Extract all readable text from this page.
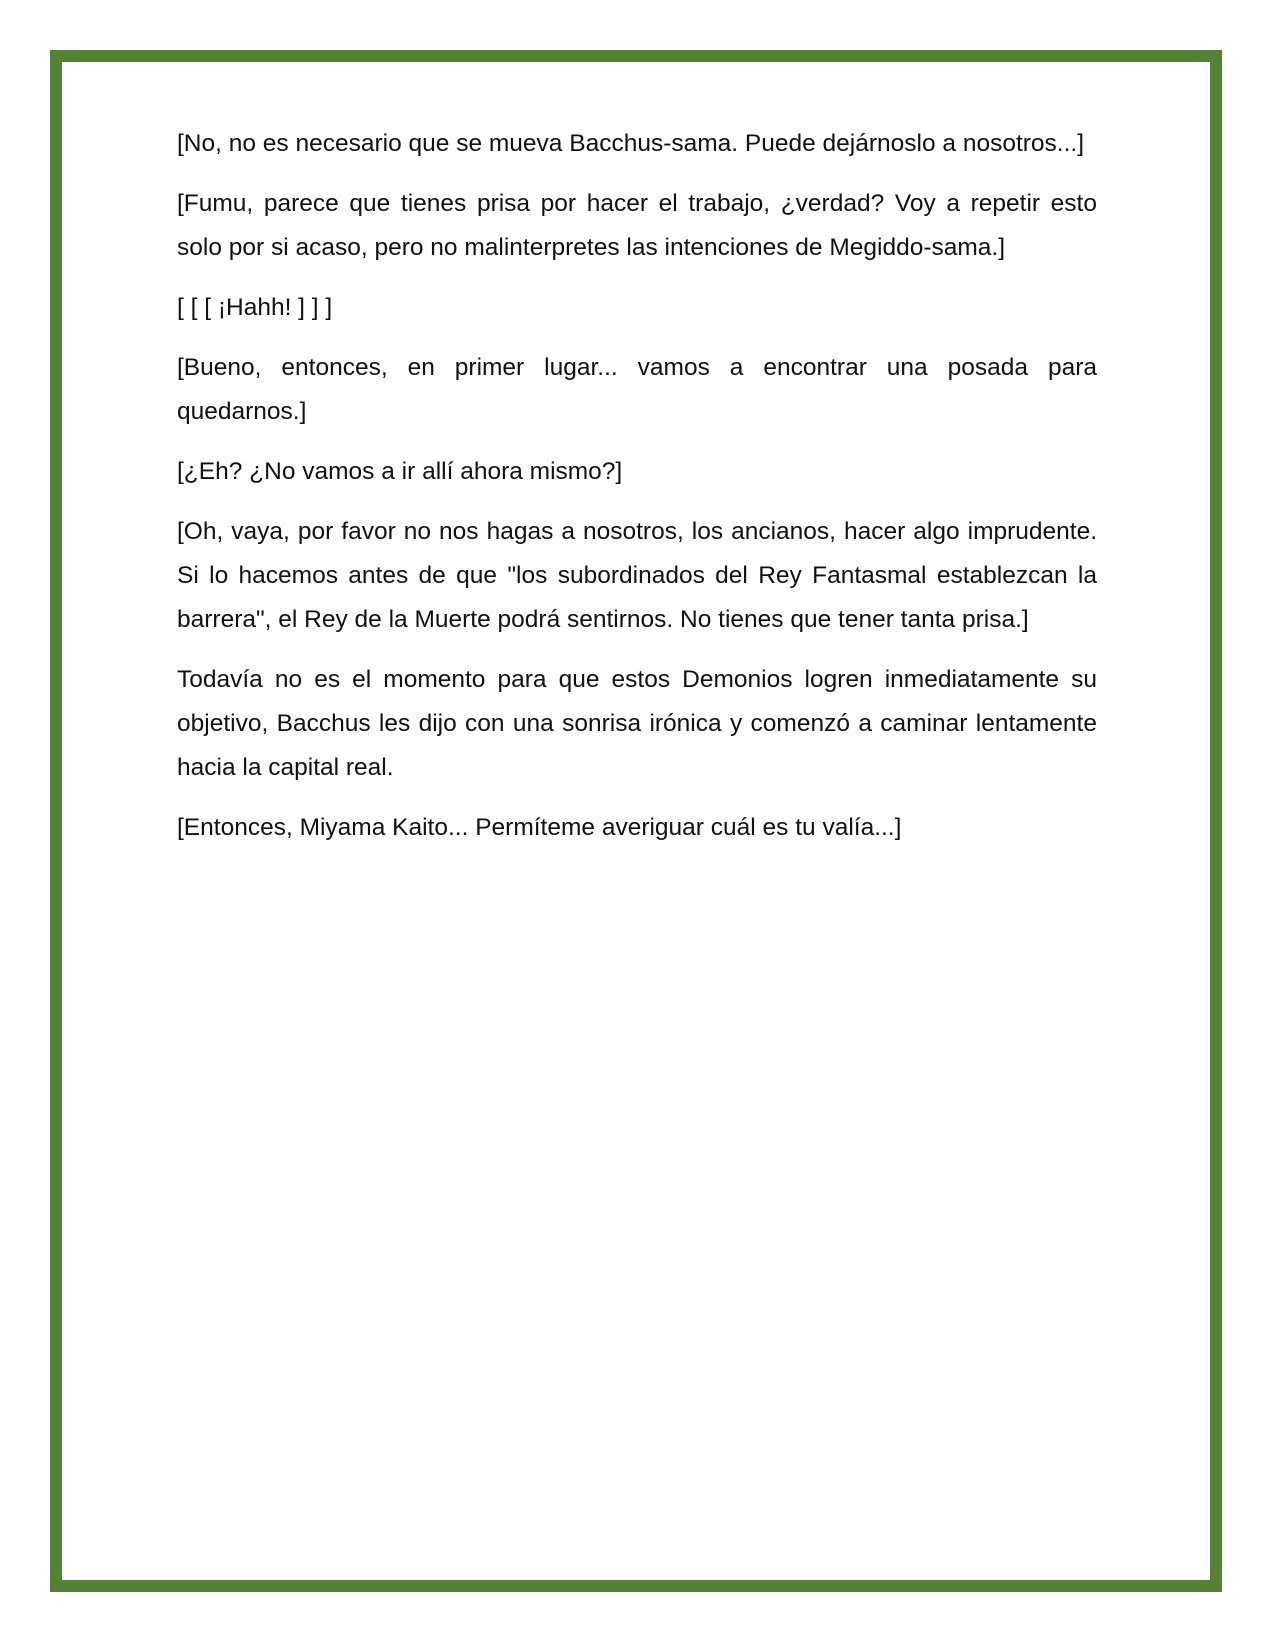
[No, no es necesario que se mueva Bacchus-sama. Puede dejárnoslo a nosotros...]

[Fumu, parece que tienes prisa por hacer el trabajo, ¿verdad? Voy a repetir esto solo por si acaso, pero no malinterpretes las intenciones de Megiddo-sama.]

[ [ [ ¡Hahh! ] ] ]

[Bueno, entonces, en primer lugar... vamos a encontrar una posada para quedarnos.]

[¿Eh? ¿No vamos a ir allí ahora mismo?]

[Oh, vaya, por favor no nos hagas a nosotros, los ancianos, hacer algo imprudente. Si lo hacemos antes de que "los subordinados del Rey Fantasmal establezcan la barrera", el Rey de la Muerte podrá sentirnos. No tienes que tener tanta prisa.]

Todavía no es el momento para que estos Demonios logren inmediatamente su objetivo, Bacchus les dijo con una sonrisa irónica y comenzó a caminar lentamente hacia la capital real.

[Entonces, Miyama Kaito... Permíteme averiguar cuál es tu valía...]
